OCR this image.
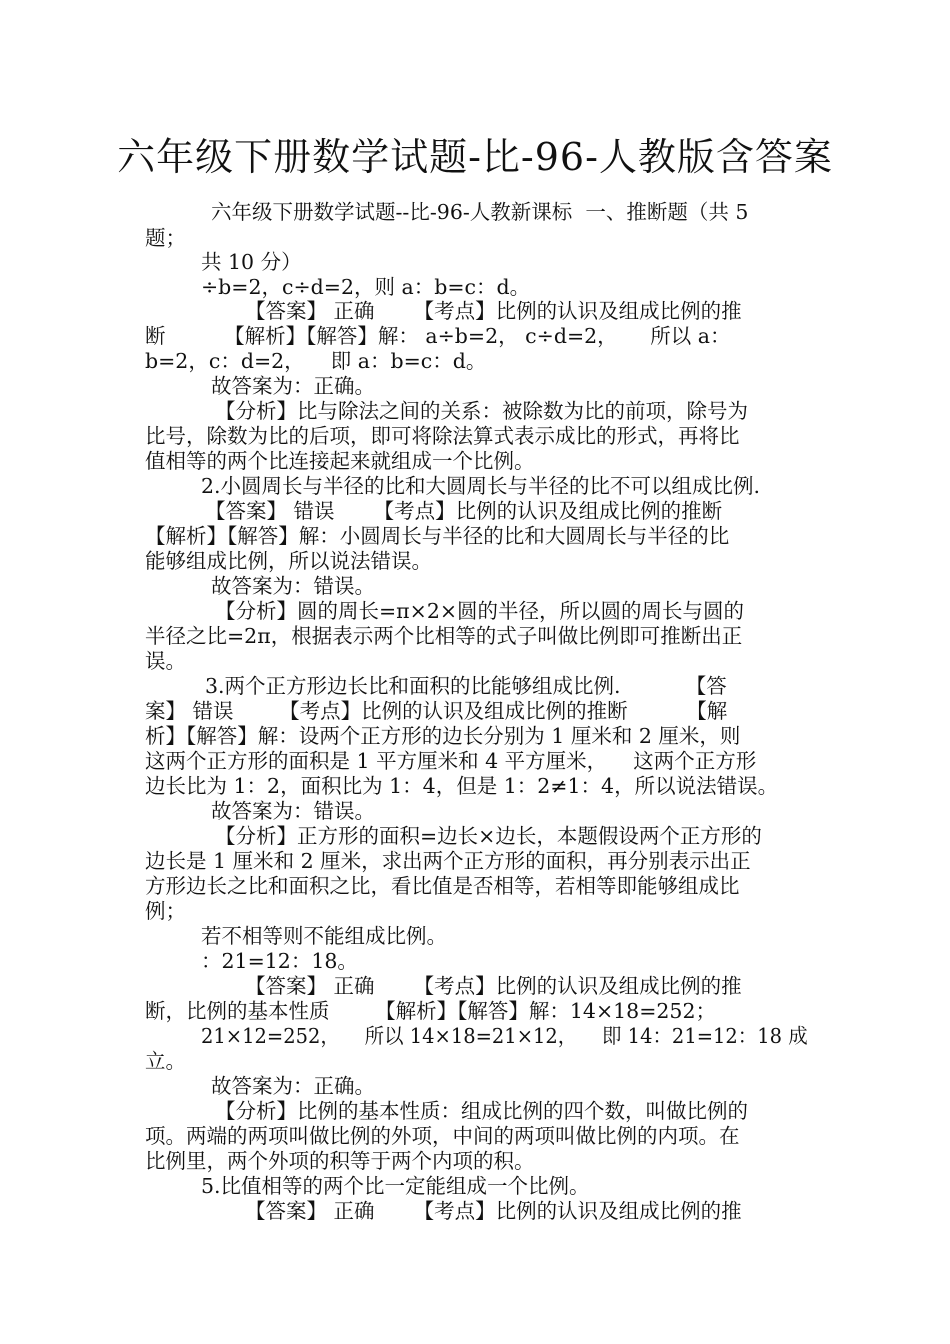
六年级下册数学试题-比-96-人教版含答案
六年级下册数学试题--比-96-人教新课标  一、推断题（共 5
题；
共 10 分）
÷b=2，c÷d=2，则 a：b=c：d。
【答案】 正确      【考点】比例的认识及组成比例的推
断         【解析】【解答】解： a÷b=2， c÷d=2，     所以 a：
b=2，c：d=2，    即 a：b=c：d。
故答案为：正确。
【分析】比与除法之间的关系：被除数为比的前项，除号为
比号，除数为比的后项，即可将除法算式表示成比的形式，再将比
值相等的两个比连接起来就组成一个比例。
2.小圆周长与半径的比和大圆周长与半径的比不可以组成比例.
【答案】 错误      【考点】比例的认识及组成比例的推断
【解析】【解答】解：小圆周长与半径的比和大圆周长与半径的比
能够组成比例，所以说法错误。
故答案为：错误。
【分析】圆的周长=π×2×圆的半径，所以圆的周长与圆的
半径之比=2π，根据表示两个比相等的式子叫做比例即可推断出正
误。
3.两个正方形边长比和面积的比能够组成比例.          【答
案】 错误       【考点】比例的认识及组成比例的推断         【解
析】【解答】解：设两个正方形的边长分别为 1 厘米和 2 厘米，则
这两个正方形的面积是 1 平方厘米和 4 平方厘米，    这两个正方形
边长比为 1：2，面积比为 1：4，但是 1：2≠1：4，所以说法错误。
故答案为：错误。
【分析】正方形的面积=边长×边长，本题假设两个正方形的
边长是 1 厘米和 2 厘米，求出两个正方形的面积，再分别表示出正
方形边长之比和面积之比，看比值是否相等，若相等即能够组成比
例；
若不相等则不能组成比例。
：21=12：18。
【答案】 正确      【考点】比例的认识及组成比例的推
断，比例的基本性质       【解析】【解答】解：14×18=252；
21×12=252，    所以 14×18=21×12，    即 14：21=12：18 成
立。
故答案为：正确。
【分析】比例的基本性质：组成比例的四个数，叫做比例的
项。两端的两项叫做比例的外项，中间的两项叫做比例的内项。在
比例里，两个外项的积等于两个内项的积。
5.比值相等的两个比一定能组成一个比例。
【答案】 正确      【考点】比例的认识及组成比例的推
